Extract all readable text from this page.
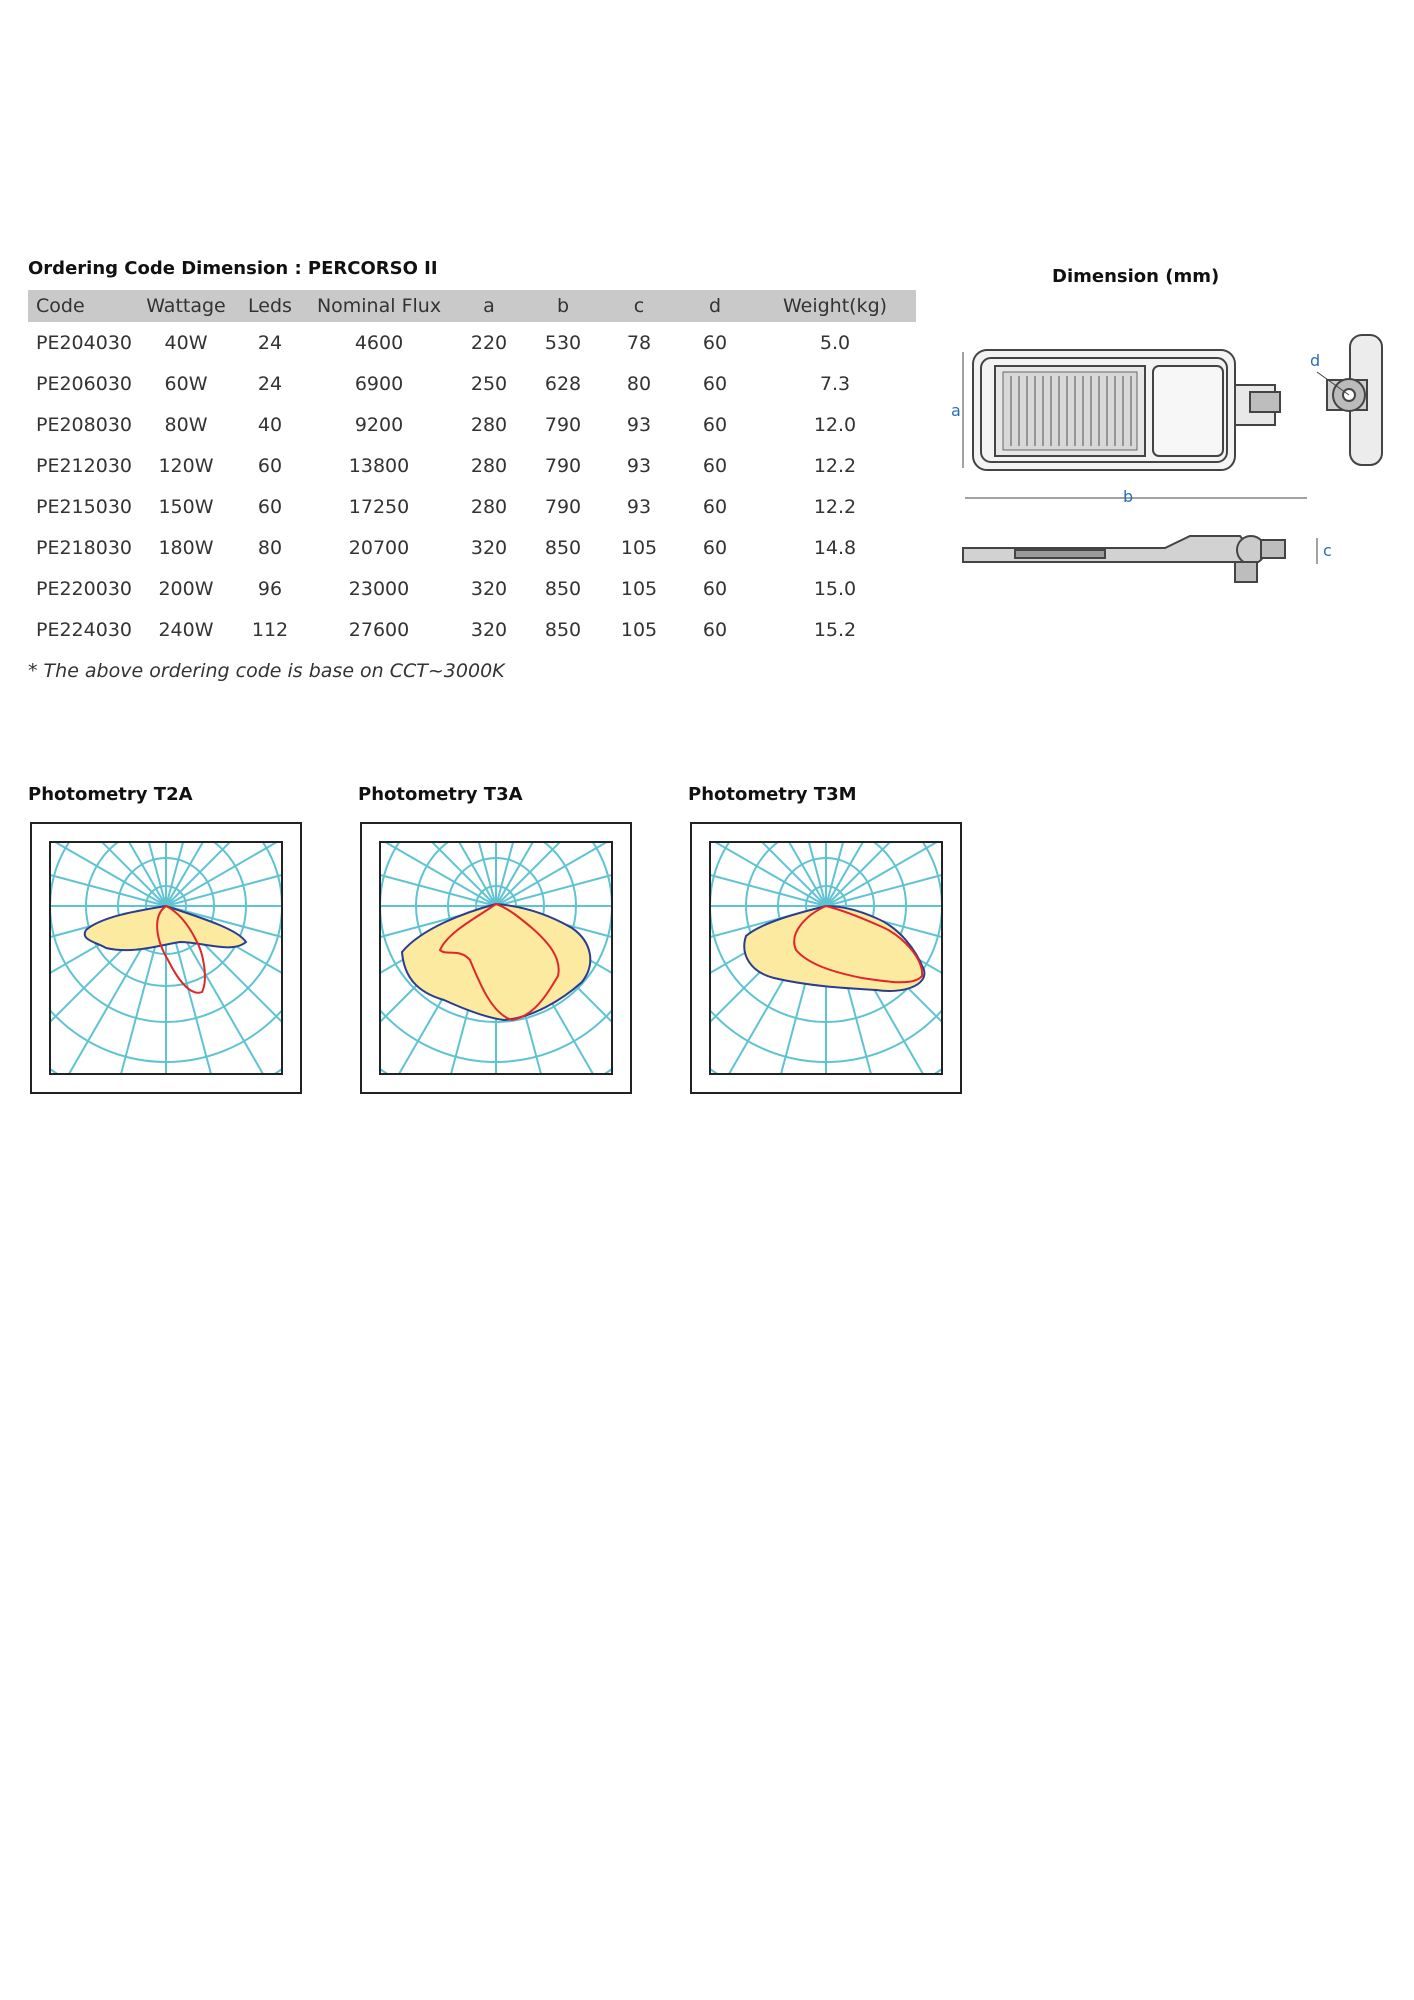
Ordering Code Dimension : PERCORSO II
Code	Wattage	Leds	Nominal Flux	a	b	c	d	Weight(kg)
PE204030	40W	24	4600	220	530	78	60	5.0
PE206030	60W	24	6900	250	628	80	60	7.3
PE208030	80W	40	9200	280	790	93	60	12.0
PE212030	120W	60	13800	280	790	93	60	12.2
PE215030	150W	60	17250	280	790	93	60	12.2
PE218030	180W	80	20700	320	850	105	60	14.8
PE220030	200W	96	23000	320	850	105	60	15.0
PE224030	240W	112	27600	320	850	105	60	15.2
* The above ordering code is base on CCT~3000K
Dimension (mm)
a
b
c
d
Photometry T2A	Photometry T3A	Photometry T3M
